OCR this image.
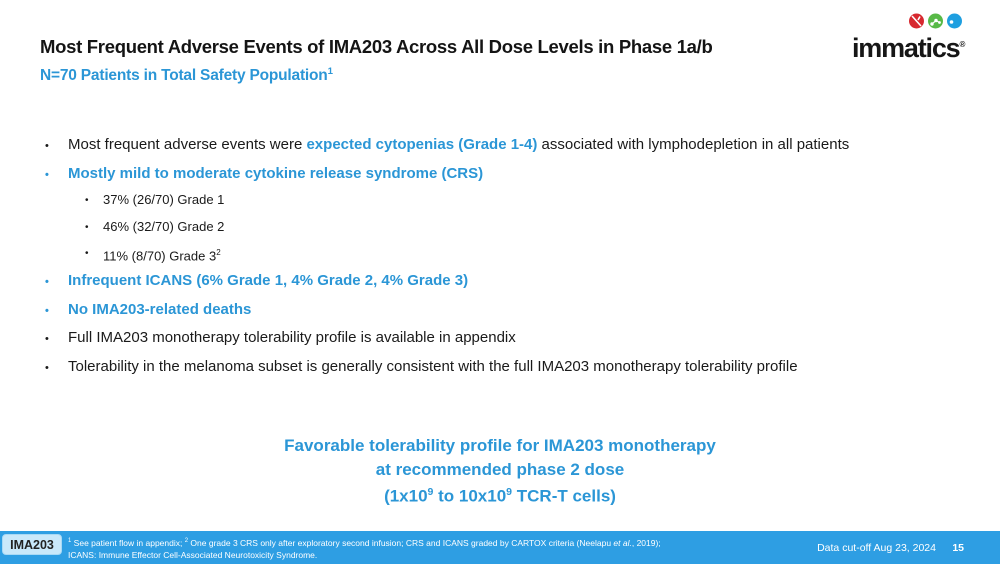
Most Frequent Adverse Events of IMA203 Across All Dose Levels in Phase 1a/b
N=70 Patients in Total Safety Population$^1$
immatics®
• Most frequent adverse events were expected cytopenias (Grade 1-4) associated with lymphodepletion in all patients
• Mostly mild to moderate cytokine release syndrome (CRS)
• 37% (26/70) Grade 1
• 46% (32/70) Grade 2
• 11% (8/70) Grade $3^2$
• Infrequent ICANS (6% Grade 1, 4% Grade 2, 4% Grade 3)
• No IMA203-related deaths
• Full IMA203 monotherapy tolerability profile is available in appendix
• Tolerability in the melanoma subset is generally consistent with the full IMA203 monotherapy tolerability profile
Favorable tolerability profile for IMA203 monotherapy
at recommended phase 2 dose
($1x10^9$ to $10x10^9$ TCR-T cells)
IMA203	$^1$ See patient flow in appendix; $^2$ One grade 3 CRS only after exploratory second infusion; CRS and ICANS graded by CARTOX criteria (Neelapu et al., 2019);
ICANS: Immune Effector Cell-Associated Neurotoxicity Syndrome.
Data cut-off Aug 23, 2024 15
